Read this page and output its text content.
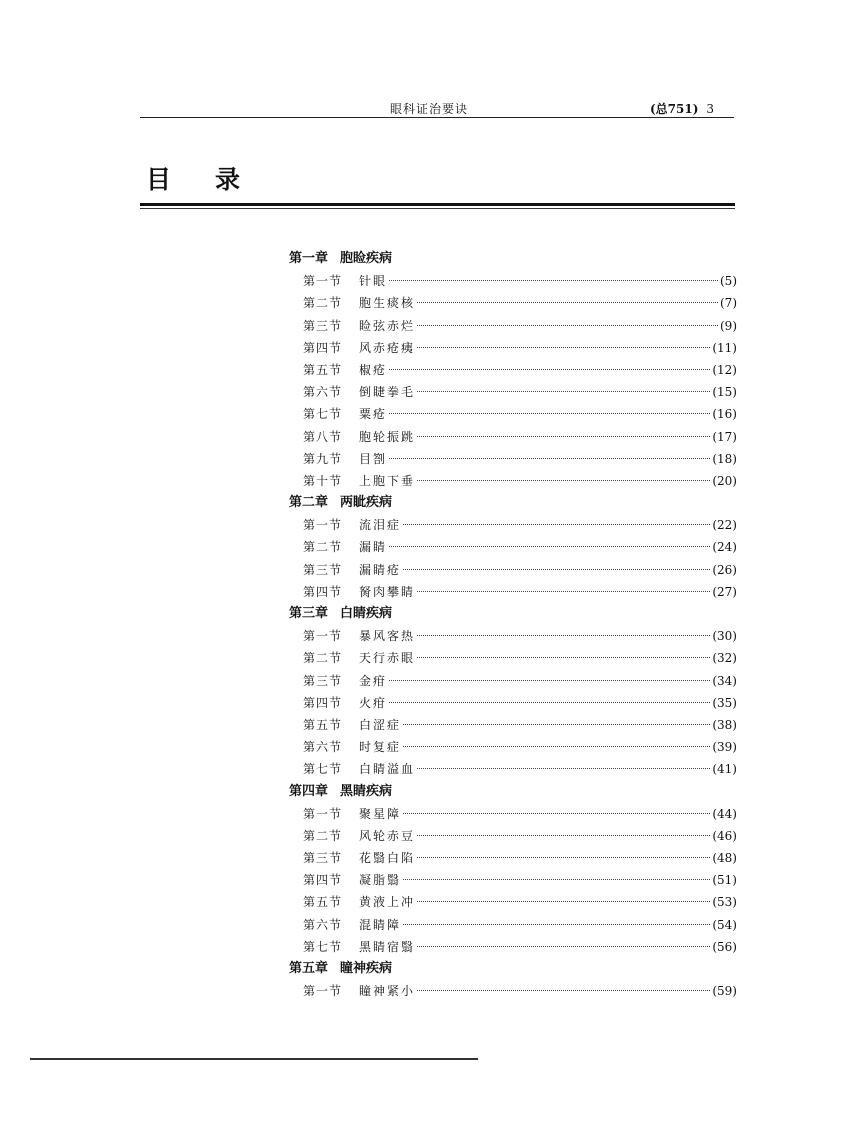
眼科证治要诀	(总751) 3
目 录
第一章 胞睑疾病
第一节	针眼	(5)
第二节	胞生痰核	(7)
第三节	睑弦赤烂	(9)
第四节	风赤疮痍	(11)
第五节	椒疮	(12)
第六节	倒睫拳毛	(15)
第七节	粟疮	(16)
第八节	胞轮振跳	(17)
第九节	目劄	(18)
第十节	上胞下垂	(20)
第二章 两眦疾病
第一节	流泪症	(22)
第二节	漏睛	(24)
第三节	漏睛疮	(26)
第四节	胬肉攀睛	(27)
第三章 白睛疾病
第一节	暴风客热	(30)
第二节	天行赤眼	(32)
第三节	金疳	(34)
第四节	火疳	(35)
第五节	白涩症	(38)
第六节	时复症	(39)
第七节	白睛溢血	(41)
第四章 黑睛疾病
第一节	聚星障	(44)
第二节	风轮赤豆	(46)
第三节	花翳白陷	(48)
第四节	凝脂翳	(51)
第五节	黄液上冲	(53)
第六节	混睛障	(54)
第七节	黑睛宿翳	(56)
第五章 瞳神疾病
第一节	瞳神紧小	(59)
